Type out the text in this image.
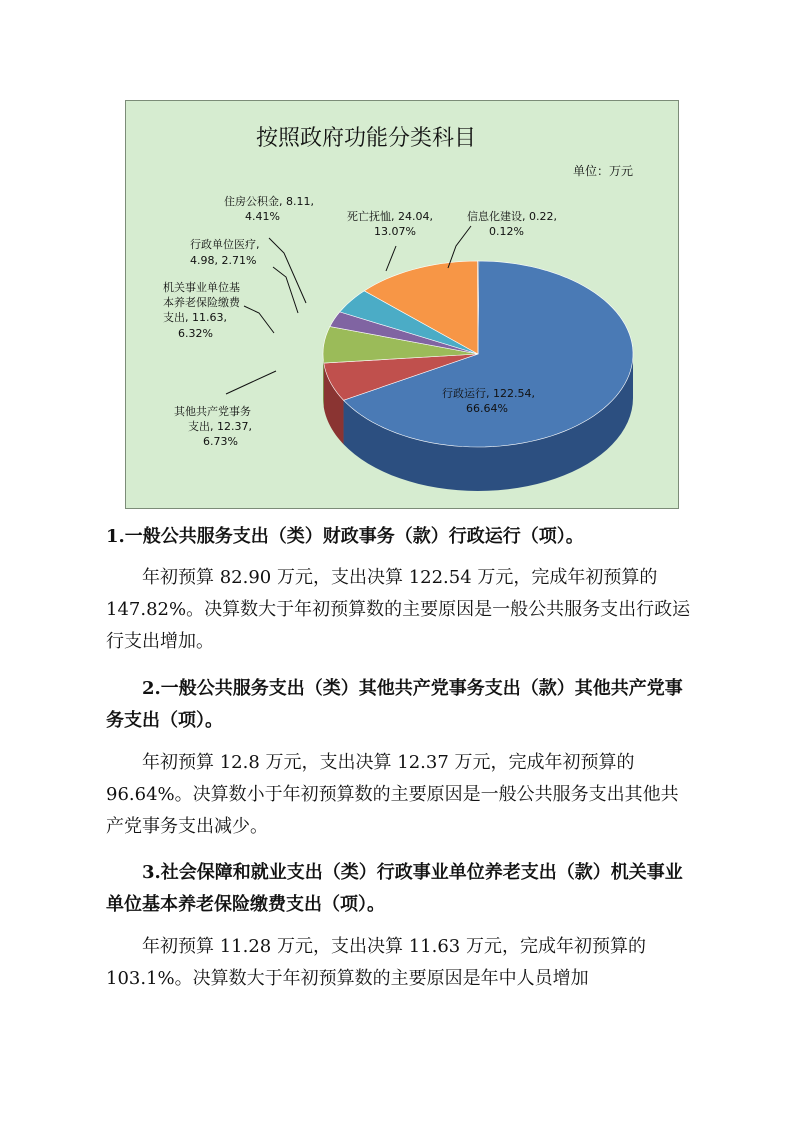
按照政府功能分类科目
单位：万元
住房公积金, 8.11,
4.41%	死亡抚恤, 24.04,
13.07%
信息化建设, 0.22,
0.12%
行政单位医疗,
4.98, 2.71%
机关事业单位基
本养老保险缴费
支出, 11.63,
6.32%
其他共产党事务
支出, 12.37,
6.73%
行政运行, 122.54,
66.64%

1.一般公共服务支出（类）财政事务（款）行政运行（项）。

年初预算 82.90 万元，支出决算 122.54 万元，完成年初预算的 147.82%。决算数大于年初预算数的主要原因是一般公共服务支出行政运行支出增加。

2.一般公共服务支出（类）其他共产党事务支出（款）其他共产党事务支出（项）。

年初预算 12.8 万元，支出决算 12.37 万元，完成年初预算的 96.64%。决算数小于年初预算数的主要原因是一般公共服务支出其他共产党事务支出减少。

3.社会保障和就业支出（类）行政事业单位养老支出（款）机关事业单位基本养老保险缴费支出（项）。

年初预算 11.28 万元，支出决算 11.63 万元，完成年初预算的 103.1%。决算数大于年初预算数的主要原因是年中人员增加
